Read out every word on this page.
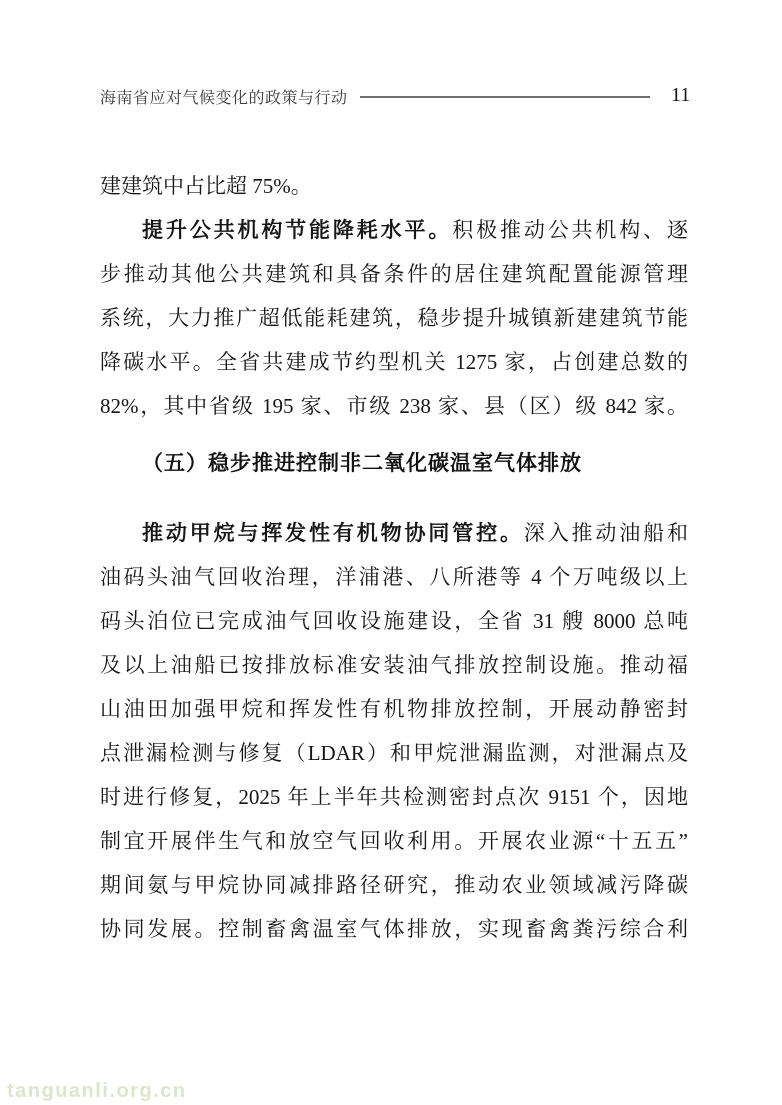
海南省应对气候变化的政策与行动	11
建建筑中占比超 75%。
提升公共机构节能降耗水平。积极推动公共机构、逐
步推动其他公共建筑和具备条件的居住建筑配置能源管理
系统，大力推广超低能耗建筑，稳步提升城镇新建建筑节能
降碳水平。全省共建成节约型机关 1275 家，占创建总数的
82%，其中省级 195 家、市级 238 家、县（区）级 842 家。
（五）稳步推进控制非二氧化碳温室气体排放
推动甲烷与挥发性有机物协同管控。深入推动油船和
油码头油气回收治理，洋浦港、八所港等 4 个万吨级以上
码头泊位已完成油气回收设施建设，全省 31 艘 8000 总吨
及以上油船已按排放标准安装油气排放控制设施。推动福
山油田加强甲烷和挥发性有机物排放控制，开展动静密封
点泄漏检测与修复（LDAR）和甲烷泄漏监测，对泄漏点及
时进行修复，2025 年上半年共检测密封点次 9151 个，因地
制宜开展伴生气和放空气回收利用。开展农业源“十五五”
期间氨与甲烷协同减排路径研究，推动农业领域减污降碳
协同发展。控制畜禽温室气体排放，实现畜禽粪污综合利
tanguanli.org.cn
